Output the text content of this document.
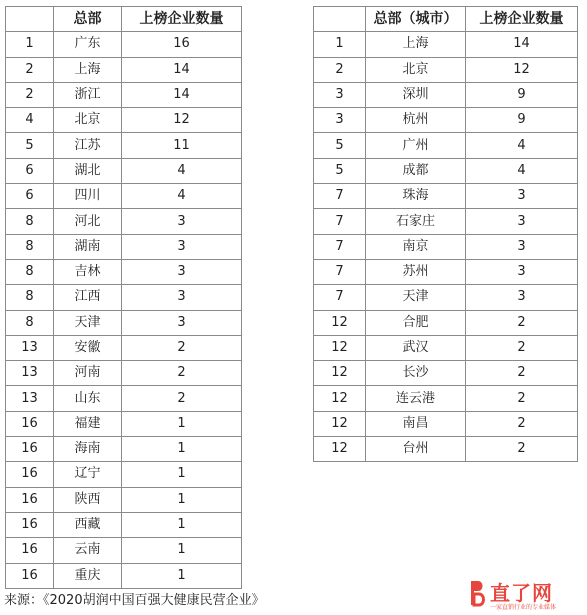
	总部	上榜企业数量
1	广东	16
2	上海	14
2	浙江	14
4	北京	12
5	江苏	11
6	湖北	4
6	四川	4
8	河北	3
8	湖南	3
8	吉林	3
8	江西	3
8	天津	3
13	安徽	2
13	河南	2
13	山东	2
16	福建	1
16	海南	1
16	辽宁	1
16	陕西	1
16	西藏	1
16	云南	1
16	重庆	1
	总部（城市）	上榜企业数量
1	上海	14
2	北京	12
3	深圳	9
3	杭州	9
5	广州	4
5	成都	4
7	珠海	3
7	石家庄	3
7	南京	3
7	苏州	3
7	天津	3
12	合肥	2
12	武汉	2
12	长沙	2
12	连云港	2
12	南昌	2
12	台州	2
来源：《2020胡润中国百强大健康民营企业》	直了网
一家直销行业的专业媒体
